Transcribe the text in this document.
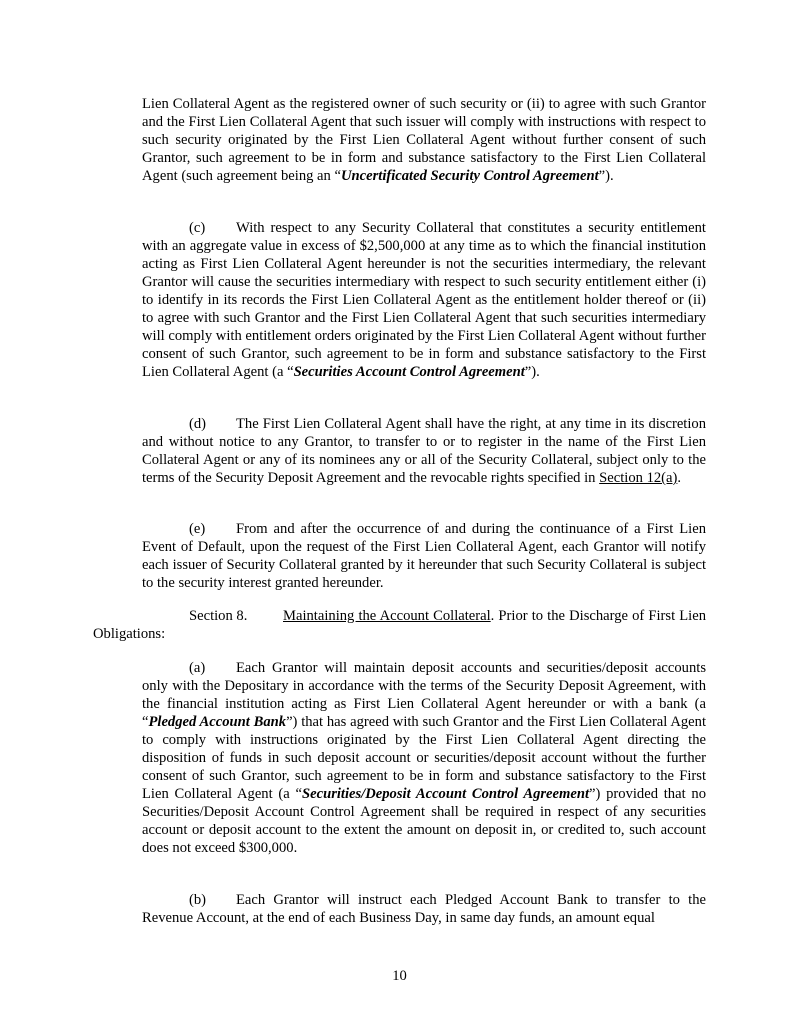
Lien Collateral Agent as the registered owner of such security or (ii) to agree with such Grantor and the First Lien Collateral Agent that such issuer will comply with instructions with respect to such security originated by the First Lien Collateral Agent without further consent of such Grantor, such agreement to be in form and substance satisfactory to the First Lien Collateral Agent (such agreement being an “Uncertificated Security Control Agreement”).

(c) With respect to any Security Collateral that constitutes a security entitlement with an aggregate value in excess of $2,500,000 at any time as to which the financial institution acting as First Lien Collateral Agent hereunder is not the securities intermediary, the relevant Grantor will cause the securities intermediary with respect to such security entitlement either (i) to identify in its records the First Lien Collateral Agent as the entitlement holder thereof or (ii) to agree with such Grantor and the First Lien Collateral Agent that such securities intermediary will comply with entitlement orders originated by the First Lien Collateral Agent without further consent of such Grantor, such agreement to be in form and substance satisfactory to the First Lien Collateral Agent (a “Securities Account Control Agreement”).

(d) The First Lien Collateral Agent shall have the right, at any time in its discretion and without notice to any Grantor, to transfer to or to register in the name of the First Lien Collateral Agent or any of its nominees any or all of the Security Collateral, subject only to the terms of the Security Deposit Agreement and the revocable rights specified in Section 12(a).

(e) From and after the occurrence of and during the continuance of a First Lien Event of Default, upon the request of the First Lien Collateral Agent, each Grantor will notify each issuer of Security Collateral granted by it hereunder that such Security Collateral is subject to the security interest granted hereunder.

Section 8. Maintaining the Account Collateral. Prior to the Discharge of First Lien Obligations:

(a) Each Grantor will maintain deposit accounts and securities/deposit accounts only with the Depositary in accordance with the terms of the Security Deposit Agreement, with the financial institution acting as First Lien Collateral Agent hereunder or with a bank (a “Pledged Account Bank”) that has agreed with such Grantor and the First Lien Collateral Agent to comply with instructions originated by the First Lien Collateral Agent directing the disposition of funds in such deposit account or securities/deposit account without the further consent of such Grantor, such agreement to be in form and substance satisfactory to the First Lien Collateral Agent (a “Securities/Deposit Account Control Agreement”) provided that no Securities/Deposit Account Control Agreement shall be required in respect of any securities account or deposit account to the extent the amount on deposit in, or credited to, such account does not exceed $300,000.

(b) Each Grantor will instruct each Pledged Account Bank to transfer to the Revenue Account, at the end of each Business Day, in same day funds, an amount equal

10
